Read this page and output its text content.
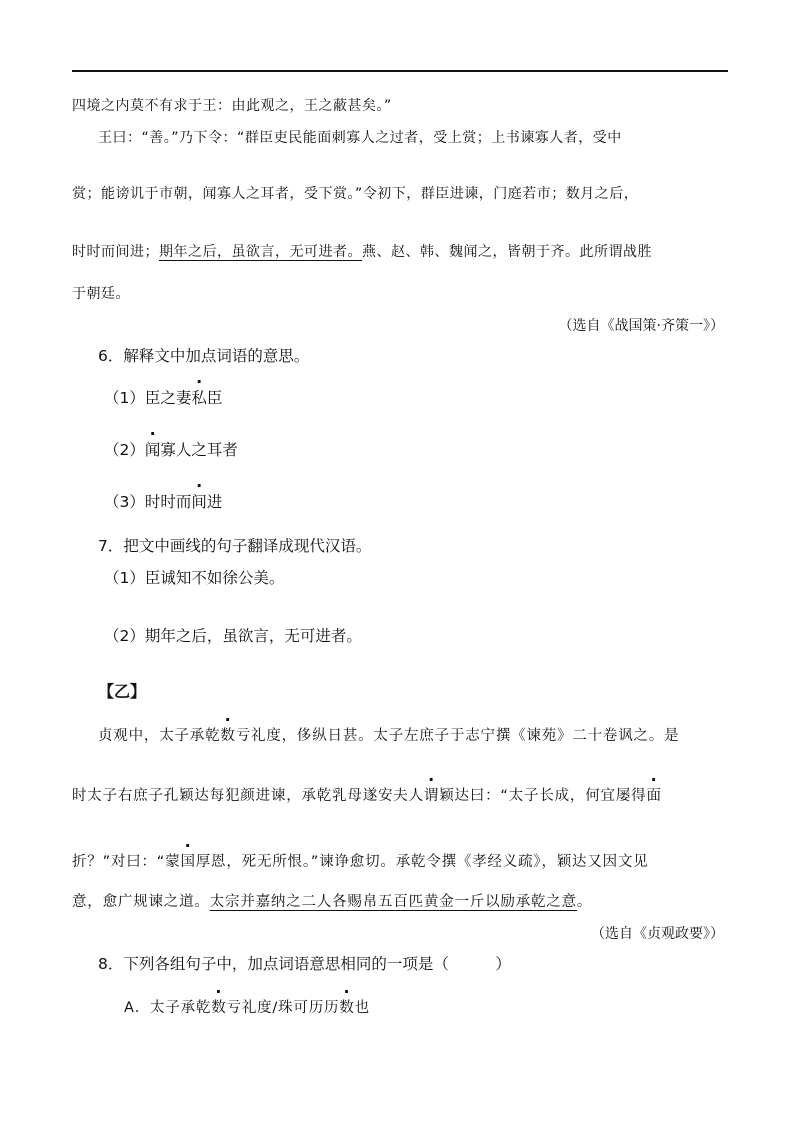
四境之内莫不有求于王：由此观之，王之蔽甚矣。”
王曰：“善。”乃下令：“群臣吏民能面刺寡人之过者，受上赏；上书谏寡人者，受中
赏；能谤讥于市朝，闻寡人之耳者，受下赏。”令初下，群臣进谏，门庭若市；数月之后，
时时而间进；期年之后，虽欲言，无可进者。燕、赵、韩、魏闻之，皆朝于齐。此所谓战胜
于朝廷。
（选自《战国策·齐策一》）
6．解释文中加点词语的意思。
（1）臣之妻私臣
（2）闻寡人之耳者
（3）时时而间进
7．把文中画线的句子翻译成现代汉语。
（1）臣诚知不如徐公美。
（2）期年之后，虽欲言，无可进者。
【乙】
贞观中，太子承乾数亏礼度，侈纵日甚。太子左庶子于志宁撰《谏苑》二十卷讽之。是
时太子右庶子孔颖达每犯颜进谏，承乾乳母遂安夫人谓颖达曰：“太子长成，何宜屡得面
折？”对曰：“蒙国厚恩，死无所恨。”谏诤愈切。承乾令撰《孝经义疏》，颖达又因文见
意，愈广规谏之道。太宗并嘉纳之二人各赐帛五百匹黄金一斤以励承乾之意。
（选自《贞观政要》）
8．下列各组句子中，加点词语意思相同的一项是（　　　）
A．太子承乾数亏礼度/珠可历历数也
